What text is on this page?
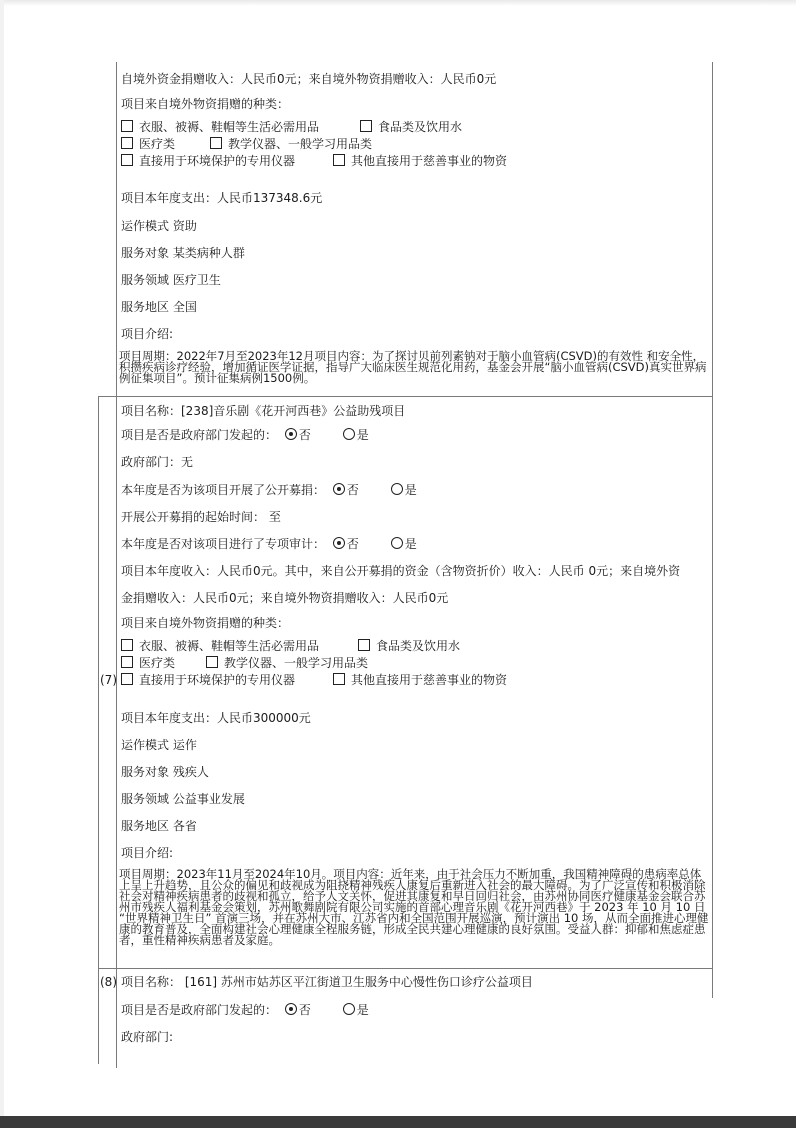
自境外资金捐赠收入：人民币0元；来自境外物资捐赠收入：人民币0元
项目来自境外物资捐赠的种类：
衣服、被褥、鞋帽等生活必需用品	食品类及饮用水
医疗类	教学仪器、一般学习用品类
直接用于环境保护的专用仪器	其他直接用于慈善事业的物资
项目本年度支出：人民币137348.6元
运作模式 资助
服务对象 某类病种人群
服务领域 医疗卫生
服务地区 全国
项目介绍:
项目周期：2022年7月至2023年12月项目内容：为了探讨贝前列素钠对于脑小血管病(CSVD)的有效性 和安全性，积攒疾病诊疗经验，增加循证医学证据，指导广大临床医生规范化用药，基金会开展“脑小血管病(CSVD)真实世界病例征集项目”。预计征集病例1500例。
(7)
项目名称：[238]音乐剧《花开河西巷》公益助残项目
项目是否是政府部门发起的： 否	是
政府部门：无
本年度是否为该项目开展了公开募捐： 否	是
开展公开募捐的起始时间： 至
本年度是否对该项目进行了专项审计： 否	是
项目本年度收入：人民币0元。其中，来自公开募捐的资金（含物资折价）收入：人民币 0元；来自境外资
金捐赠收入：人民币0元；来自境外物资捐赠收入：人民币0元
项目来自境外物资捐赠的种类：
衣服、被褥、鞋帽等生活必需用品	食品类及饮用水
医疗类	教学仪器、一般学习用品类
直接用于环境保护的专用仪器	其他直接用于慈善事业的物资
项目本年度支出：人民币300000元
运作模式 运作
服务对象 残疾人
服务领域 公益事业发展
服务地区 各省
项目介绍:
项目周期：2023年11月至2024年10月。项目内容：近年来，由于社会压力不断加重，我国精神障碍的患病率总体上呈上升趋势，且公众的偏见和歧视成为阻挠精神残疾人康复后重新进入社会的最大障碍。为了广泛宣传和积极消除社会对精神疾病患者的歧视和孤立，给予人文关怀，促进其康复和早日回归社会，由苏州协同医疗健康基金会联合苏州市残疾人福利基金会策划，苏州歌舞剧院有限公司实施的首部心理音乐剧《花开河西巷》于 2023 年 10 月 10 日 “世界精神卫生日” 首演三场，并在苏州大市、江苏省内和全国范围开展巡演，预计演出 10 场，从而全面推进心理健康的教育普及，全面构建社会心理健康全程服务链，形成全民共建心理健康的良好氛围。受益人群：抑郁和焦虑症患者，重性精神疾病患者及家庭。
(8) 项目名称： [161] 苏州市姑苏区平江街道卫生服务中心慢性伤口诊疗公益项目
项目是否是政府部门发起的： 否	是
政府部门:
